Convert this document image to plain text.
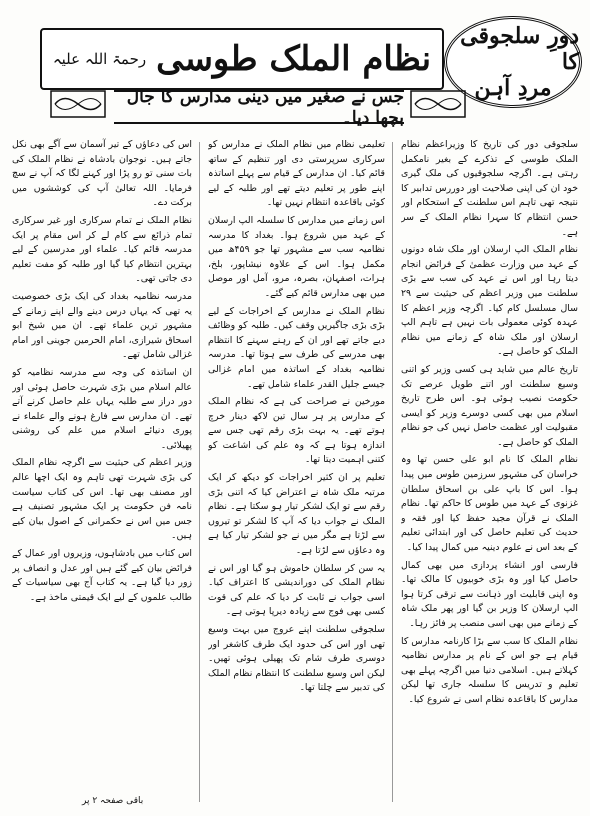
دورِ سلجوقی کا
مردِ آہن
نظام الملک طوسی
رحمۃ اللہ علیہ
جس نے صغیر میں دینی مدارس کا جال بچھا دیا۔

سلجوقی دور کی تاریخ کا وزیراعظم نظام الملک طوسی کے تذکرے کے بغیر نامکمل رہتی ہے۔ اگرچہ سلجوقیوں کی ملک گیری خود ان کی اپنی صلاحیت اور دوررس تدابیر کا نتیجہ تھی تاہم اس سلطنت کے استحکام اور حسن انتظام کا سہرا نظام الملک کے سر ہے۔

نظام الملک الپ ارسلان اور ملک شاہ دونوں کے عہد میں وزارت عظمیٰ کے فرائض انجام دیتا رہا اور اس نے عہد کی سب سے بڑی سلطنت میں وزیر اعظم کی حیثیت سے ۲۹ سال مسلسل کام کیا۔ اگرچہ وزیر اعظم کا عہدہ کوئی معمولی بات نہیں ہے تاہم الپ ارسلان اور ملک شاہ کے زمانے میں نظام الملک کو حاصل ہے۔

تاریخ عالم میں شاید ہی کسی وزیر کو اتنی وسیع سلطنت اور اتنے طویل عرصے تک حکومت نصیب ہوئی ہو۔ اس طرح تاریخ اسلام میں بھی کسی دوسرے وزیر کو ایسی مقبولیت اور عظمت حاصل نہیں کی جو نظام الملک کو حاصل ہے۔

نظام الملک کا نام ابو علی حسن تھا وہ خراسان کی مشہور سرزمین طوس میں پیدا ہوا۔ اس کا باپ علی بن اسحاق سلطان غزنوی کے عہد میں طوس کا حاکم تھا۔ نظام الملک نے قرآن مجید حفظ کیا اور فقہ و حدیث کی تعلیم حاصل کی اور ابتدائی تعلیم کے بعد اس نے علوم دینیہ میں کمال پیدا کیا۔

فارسی اور انشاء پردازی میں بھی کمال حاصل کیا اور وہ بڑی خوبیوں کا مالک تھا۔ وہ اپنی قابلیت اور ذہانت سے ترقی کرتا ہوا الپ ارسلان کا وزیر بن گیا اور پھر ملک شاہ کے زمانے میں بھی اسی منصب پر فائز رہا۔

نظام الملک کا سب سے بڑا کارنامہ مدارس کا قیام ہے جو اس کے نام پر مدارس نظامیہ کہلاتے ہیں۔ اسلامی دنیا میں اگرچہ پہلے بھی تعلیم و تدریس کا سلسلہ جاری تھا لیکن مدارس کا باقاعدہ نظام اسی نے شروع کیا۔

تعلیمی نظام میں نظام الملک نے مدارس کو سرکاری سرپرستی دی اور تنظیم کے ساتھ قائم کیا۔ ان مدارس کے قیام سے پہلے اساتذہ اپنے طور پر تعلیم دیتے تھے اور طلبہ کے لیے کوئی باقاعدہ انتظام نہیں تھا۔

اس زمانے میں مدارس کا سلسلہ الپ ارسلان کے عہد میں شروع ہوا۔ بغداد کا مدرسہ نظامیہ سب سے مشہور تھا جو ۴۵۹ھ میں مکمل ہوا۔ اس کے علاوہ نیشاپور، بلخ، ہرات، اصفہان، بصرہ، مرو، آمل اور موصل میں بھی مدارس قائم کیے گئے۔

نظام الملک نے مدارس کے اخراجات کے لیے بڑی بڑی جاگیریں وقف کیں۔ طلبہ کو وظائف دیے جاتے تھے اور ان کے رہنے سہنے کا انتظام بھی مدرسے کی طرف سے ہوتا تھا۔ مدرسہ نظامیہ بغداد کے اساتذہ میں امام غزالی جیسے جلیل القدر علماء شامل تھے۔

مورخین نے صراحت کی ہے کہ نظام الملک کے مدارس پر ہر سال تین لاکھ دینار خرچ ہوتے تھے۔ یہ بہت بڑی رقم تھی جس سے اندازہ ہوتا ہے کہ وہ علم کی اشاعت کو کتنی اہمیت دیتا تھا۔

تعلیم پر ان کثیر اخراجات کو دیکھ کر ایک مرتبہ ملک شاہ نے اعتراض کیا کہ اتنی بڑی رقم سے تو ایک لشکر تیار ہو سکتا ہے۔ نظام الملک نے جواب دیا کہ آپ کا لشکر تو تیروں سے لڑتا ہے مگر میں نے جو لشکر تیار کیا ہے وہ دعاؤں سے لڑتا ہے۔

یہ سن کر سلطان خاموش ہو گیا اور اس نے نظام الملک کی دوراندیشی کا اعتراف کیا۔ اسی جواب نے ثابت کر دیا کہ علم کی قوت کسی بھی فوج سے زیادہ دیرپا ہوتی ہے۔

سلجوقی سلطنت اپنے عروج میں بہت وسیع تھی اور اس کی حدود ایک طرف کاشغر اور دوسری طرف شام تک پھیلی ہوئی تھیں۔ لیکن اس وسیع سلطنت کا انتظام نظام الملک کی تدبیر سے چلتا تھا۔

اس کی دعاؤں کے تیر آسمان سے آگے بھی نکل جاتے ہیں۔ نوجوان بادشاہ نے نظام الملک کی بات سنی تو رو پڑا اور کہنے لگا کہ آپ نے سچ فرمایا۔ اللہ تعالیٰ آپ کی کوششوں میں برکت دے۔

نظام الملک نے تمام سرکاری اور غیر سرکاری تمام ذرائع سے کام لے کر اس مقام پر ایک مدرسہ قائم کیا۔ علماء اور مدرسین کے لیے بہترین انتظام کیا گیا اور طلبہ کو مفت تعلیم دی جاتی تھی۔

مدرسہ نظامیہ بغداد کی ایک بڑی خصوصیت یہ تھی کہ یہاں درس دینے والے اپنے زمانے کے مشہور ترین علماء تھے۔ ان میں شیخ ابو اسحاق شیرازی، امام الحرمین جوینی اور امام غزالی شامل تھے۔

ان اساتذہ کی وجہ سے مدرسہ نظامیہ کو عالم اسلام میں بڑی شہرت حاصل ہوئی اور دور دراز سے طلبہ یہاں علم حاصل کرنے آتے تھے۔ ان مدارس سے فارغ ہونے والے علماء نے پوری دنیائے اسلام میں علم کی روشنی پھیلائی۔

وزیر اعظم کی حیثیت سے اگرچہ نظام الملک کی بڑی شہرت تھی تاہم وہ ایک اچھا عالم اور مصنف بھی تھا۔ اس کی کتاب سیاست نامہ فن حکومت پر ایک مشہور تصنیف ہے جس میں اس نے حکمرانی کے اصول بیان کیے ہیں۔

اس کتاب میں بادشاہوں، وزیروں اور عمال کے فرائض بیان کیے گئے ہیں اور عدل و انصاف پر زور دیا گیا ہے۔ یہ کتاب آج بھی سیاسیات کے طالب علموں کے لیے ایک قیمتی ماخذ ہے۔

باقی صفحہ ۲ پر
